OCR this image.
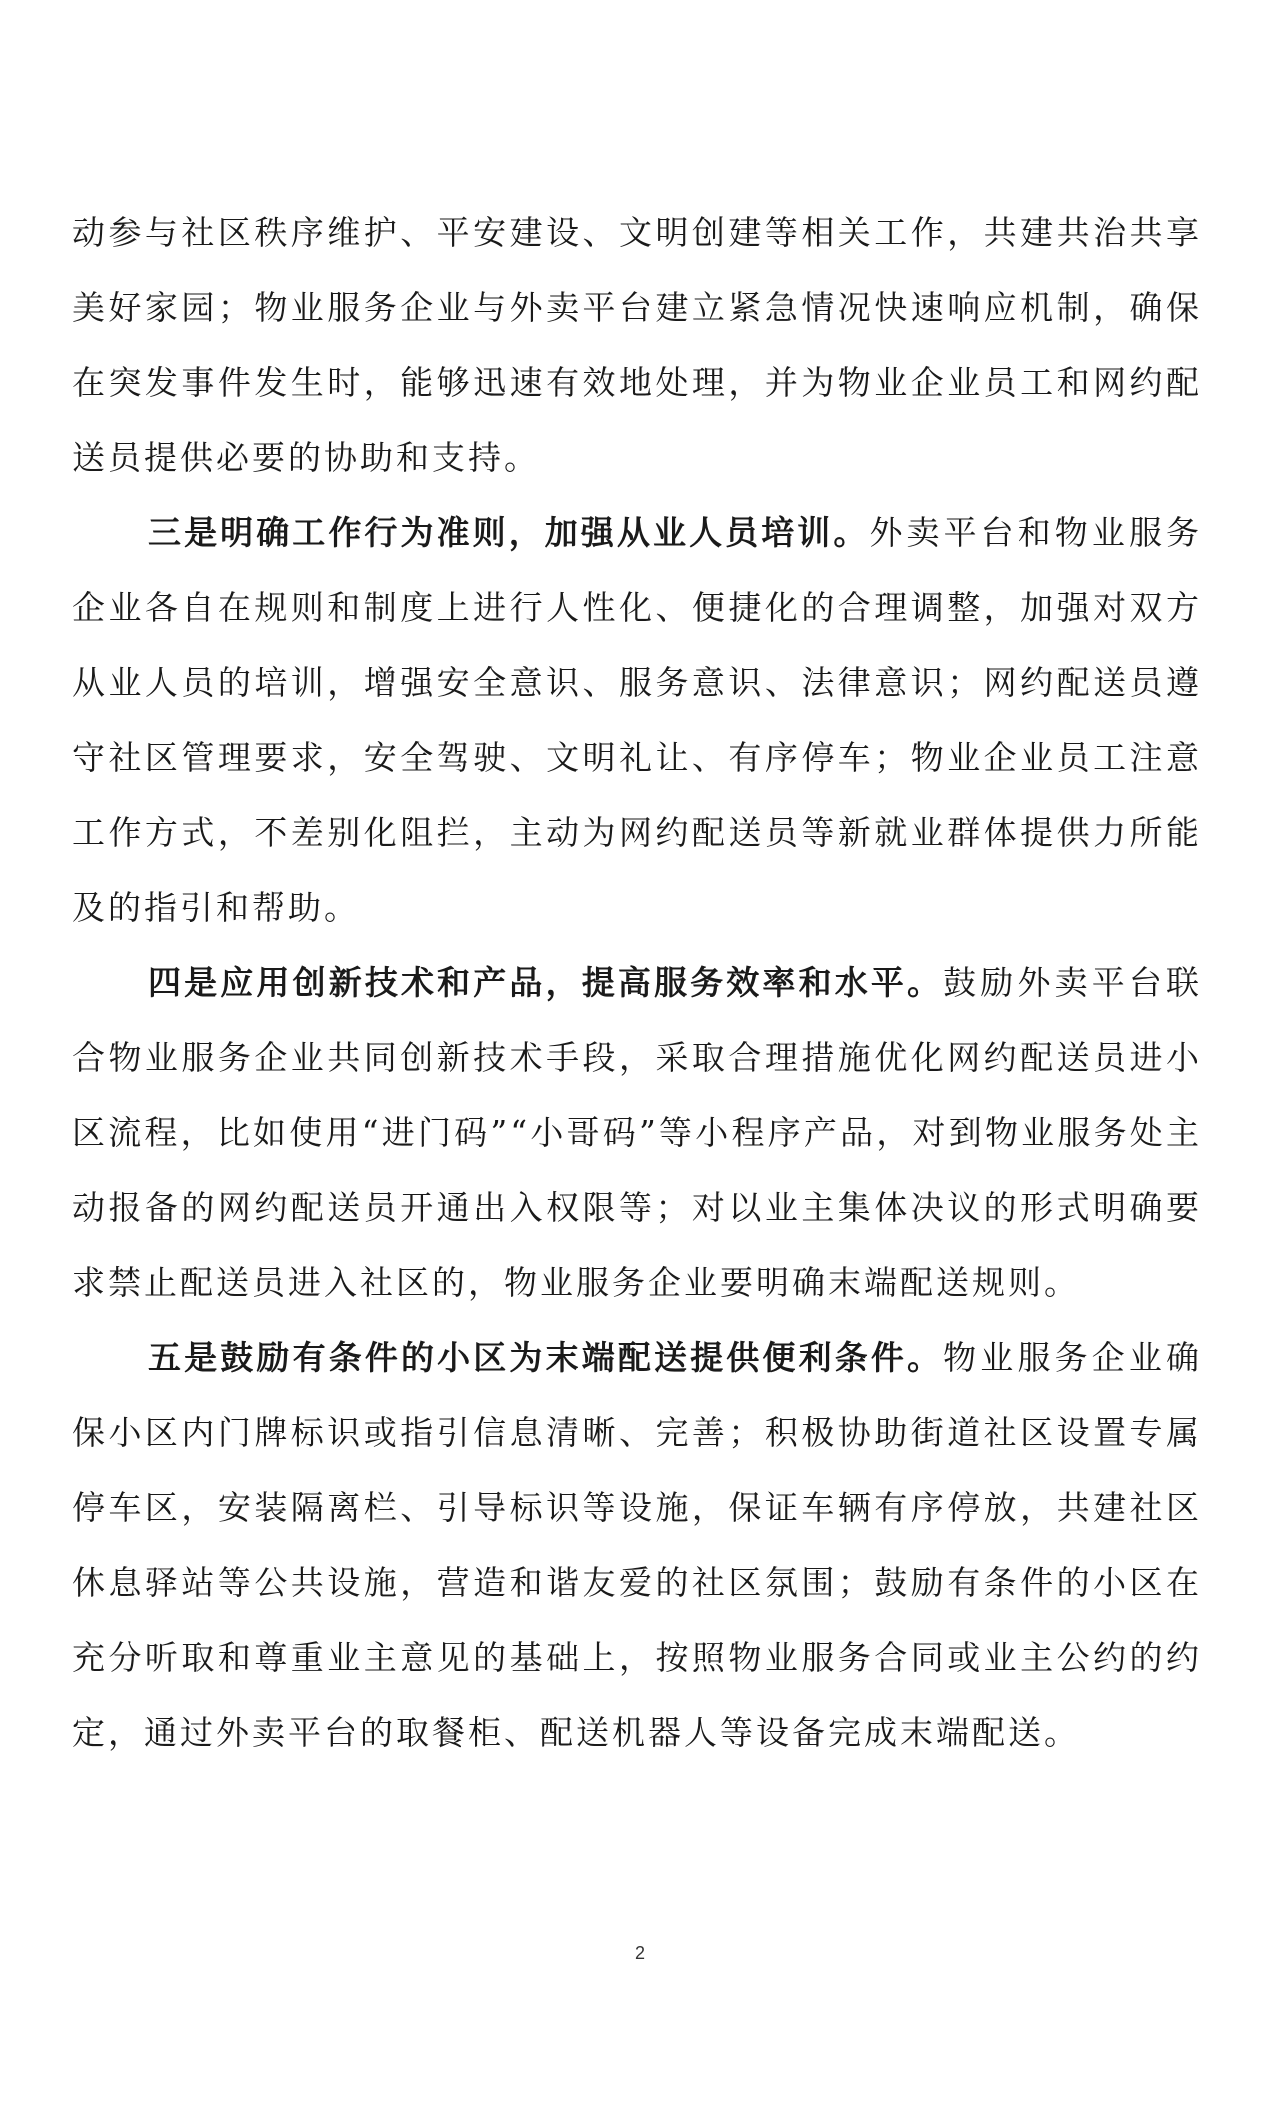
动参与社区秩序维护、平安建设、文明创建等相关工作，共建共治共享美好家园；物业服务企业与外卖平台建立紧急情况快速响应机制，确保在突发事件发生时，能够迅速有效地处理，并为物业企业员工和网约配送员提供必要的协助和支持。

三是明确工作行为准则，加强从业人员培训。外卖平台和物业服务企业各自在规则和制度上进行人性化、便捷化的合理调整，加强对双方从业人员的培训，增强安全意识、服务意识、法律意识；网约配送员遵守社区管理要求，安全驾驶、文明礼让、有序停车；物业企业员工注意工作方式，不差别化阻拦，主动为网约配送员等新就业群体提供力所能及的指引和帮助。

四是应用创新技术和产品，提高服务效率和水平。鼓励外卖平台联合物业服务企业共同创新技术手段，采取合理措施优化网约配送员进小区流程，比如使用“进门码”“小哥码”等小程序产品，对到物业服务处主动报备的网约配送员开通出入权限等；对以业主集体决议的形式明确要求禁止配送员进入社区的，物业服务企业要明确末端配送规则。

五是鼓励有条件的小区为末端配送提供便利条件。物业服务企业确保小区内门牌标识或指引信息清晰、完善；积极协助街道社区设置专属停车区，安装隔离栏、引导标识等设施，保证车辆有序停放，共建社区休息驿站等公共设施，营造和谐友爱的社区氛围；鼓励有条件的小区在充分听取和尊重业主意见的基础上，按照物业服务合同或业主公约的约定，通过外卖平台的取餐柜、配送机器人等设备完成末端配送。

2
